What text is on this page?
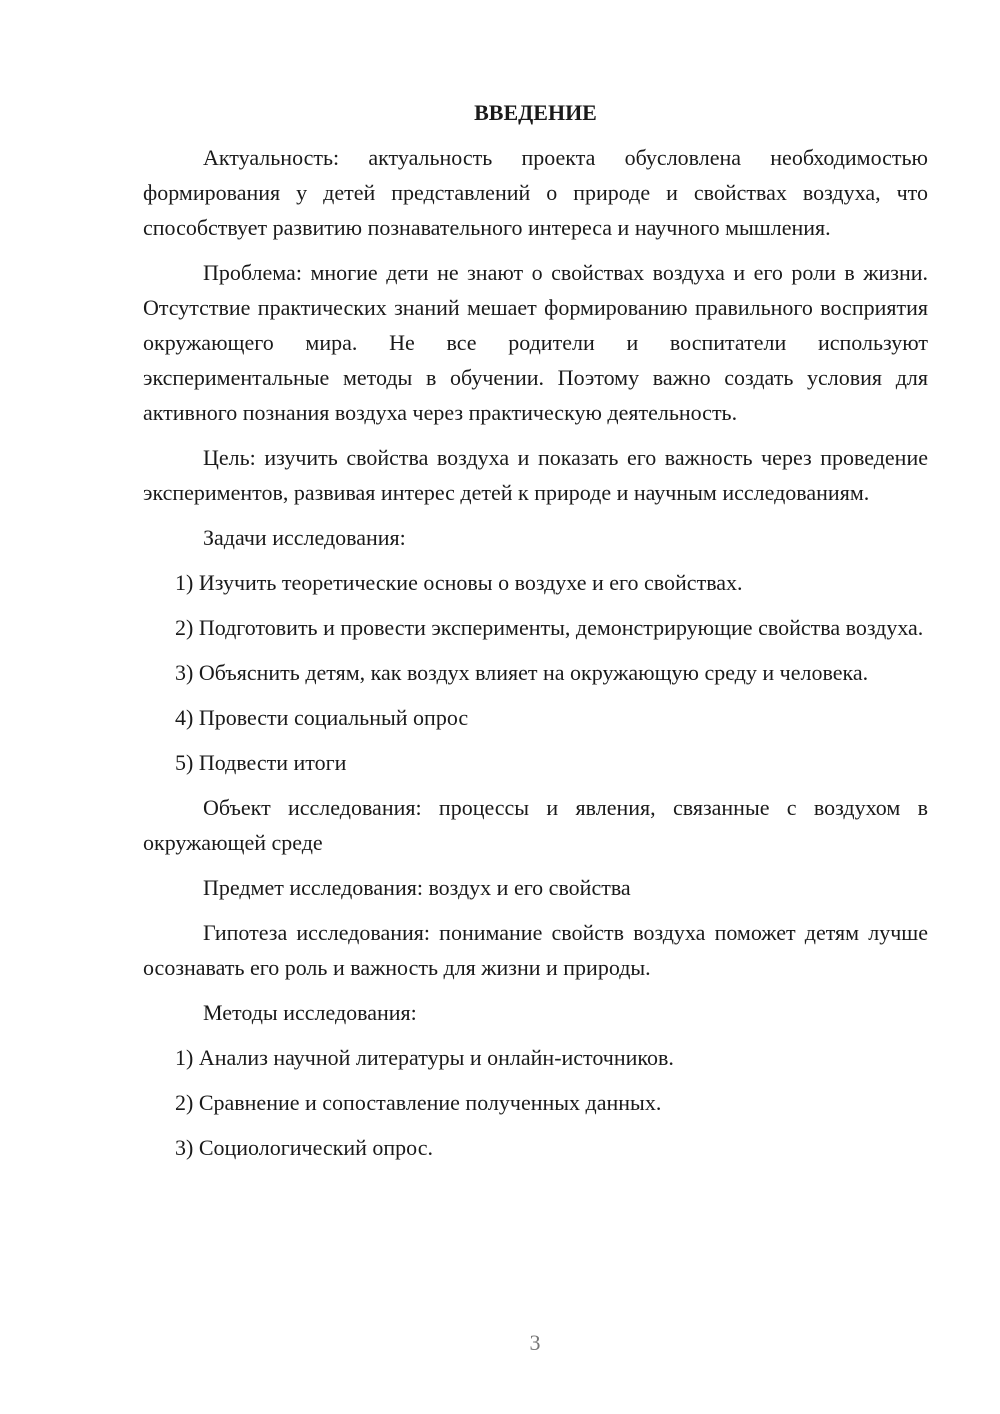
ВВЕДЕНИЕ

Актуальность: актуальность проекта обусловлена необходимостью формирования у детей представлений о природе и свойствах воздуха, что способствует развитию познавательного интереса и научного мышления.

Проблема: многие дети не знают о свойствах воздуха и его роли в жизни. Отсутствие практических знаний мешает формированию правильного восприятия окружающего мира. Не все родители и воспитатели используют экспериментальные методы в обучении. Поэтому важно создать условия для активного познания воздуха через практическую деятельность.

Цель: изучить свойства воздуха и показать его важность через проведение экспериментов, развивая интерес детей к природе и научным исследованиям.

Задачи исследования:

1) Изучить теоретические основы о воздухе и его свойствах.

2) Подготовить и провести эксперименты, демонстрирующие свойства воздуха.

3) Объяснить детям, как воздух влияет на окружающую среду и человека.

4) Провести социальный опрос

5) Подвести итоги

Объект исследования: процессы и явления, связанные с воздухом в окружающей среде

Предмет исследования: воздух и его свойства

Гипотеза исследования: понимание свойств воздуха поможет детям лучше осознавать его роль и важность для жизни и природы.

Методы исследования:

1) Анализ научной литературы и онлайн-источников.

2) Сравнение и сопоставление полученных данных.

3) Социологический опрос.

3
